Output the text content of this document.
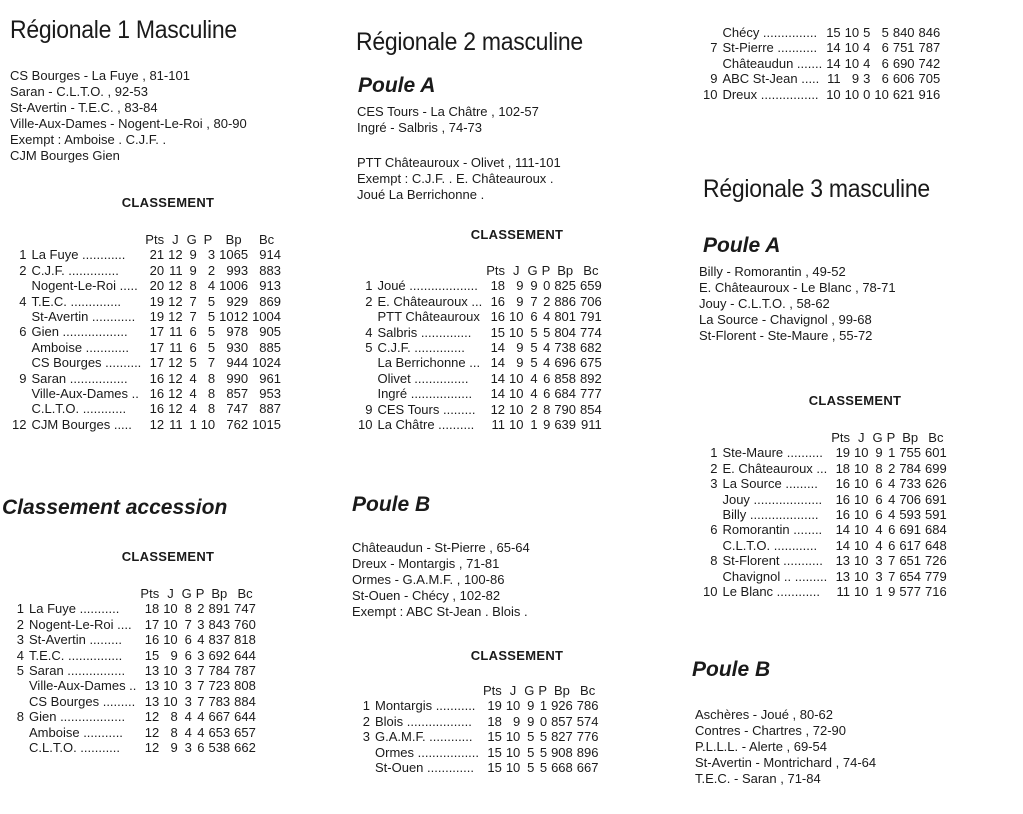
Régionale 1 Masculine
CS Bourges - La Fuye , 81-101
Saran - C.L.T.O. , 92-53
St-Avertin - T.E.C. , 83-84
Ville-Aux-Dames - Nogent-Le-Roi , 80-90
Exempt : Amboise . C.J.F. .
CJM Bourges Gien
CLASSEMENT
		Pts	J	G	P	Bp	Bc
1	La Fuye ............	21	12	9	3	1065	914
2	C.J.F. ..............	20	11	9	2	993	883
	Nogent-Le-Roi .....	20	12	8	4	1006	913
4	T.E.C. ..............	19	12	7	5	929	869
	St-Avertin ............	19	12	7	5	1012	1004
6	Gien ..................	17	11	6	5	978	905
	Amboise ............	17	11	6	5	930	885
	CS Bourges ..........	17	12	5	7	944	1024
9	Saran ................	16	12	4	8	990	961
	Ville-Aux-Dames ..	16	12	4	8	857	953
	C.L.T.O. ............	16	12	4	8	747	887
12	CJM Bourges .....	12	11	1	10	762	1015
Classement accession
CLASSEMENT
		Pts	J	G	P	Bp	Bc
1	La Fuye ...........	18	10	8	2	891	747
2	Nogent-Le-Roi ....	17	10	7	3	843	760
3	St-Avertin .........	16	10	6	4	837	818
4	T.E.C. ...............	15	9	6	3	692	644
5	Saran ................	13	10	3	7	784	787
	Ville-Aux-Dames ..	13	10	3	7	723	808
	CS Bourges .........	13	10	3	7	783	884
8	Gien ..................	12	8	4	4	667	644
	Amboise ...........	12	8	4	4	653	657
	C.L.T.O. ...........	12	9	3	6	538	662
Régionale 2 masculine
Poule A
CES Tours - La Châtre , 102-57
Ingré - Salbris , 74-73
PTT Châteauroux - Olivet , 111-101
Exempt : C.J.F. . E. Châteauroux .
Joué La Berrichonne .
CLASSEMENT
		Pts	J	G	P	Bp	Bc
1	Joué ...................	18	9	9	0	825	659
2	E. Châteauroux ...	16	9	7	2	886	706
	PTT Châteauroux	16	10	6	4	801	791
4	Salbris ..............	15	10	5	5	804	774
5	C.J.F. ..............	14	9	5	4	738	682
	La Berrichonne ...	14	9	5	4	696	675
	Olivet ...............	14	10	4	6	858	892
	Ingré .................	14	10	4	6	684	777
9	CES Tours .........	12	10	2	8	790	854
10	La Châtre ..........	11	10	1	9	639	911
Poule B
Châteaudun - St-Pierre , 65-64
Dreux - Montargis , 71-81
Ormes - G.A.M.F. , 100-86
St-Ouen - Chécy , 102-82
Exempt : ABC St-Jean . Blois .
CLASSEMENT
		Pts	J	G	P	Bp	Bc
1	Montargis ...........	19	10	9	1	926	786
2	Blois ..................	18	9	9	0	857	574
3	G.A.M.F. ............	15	10	5	5	827	776
	Ormes .................	15	10	5	5	908	896
	St-Ouen .............	15	10	5	5	668	667
	Chécy ...............	15	10	5	5	840	846
7	St-Pierre ...........	14	10	4	6	751	787
	Châteaudun .......	14	10	4	6	690	742
9	ABC St-Jean .....	11	9	3	6	606	705
10	Dreux ................	10	10	0	10	621	916
Régionale 3 masculine
Poule A
Billy - Romorantin , 49-52
E. Châteauroux - Le Blanc , 78-71
Jouy - C.L.T.O. , 58-62
La Source - Chavignol , 99-68
St-Florent - Ste-Maure , 55-72
CLASSEMENT
		Pts	J	G	P	Bp	Bc
1	Ste-Maure ..........	19	10	9	1	755	601
2	E. Châteauroux ...	18	10	8	2	784	699
3	La Source .........	16	10	6	4	733	626
	Jouy ...................	16	10	6	4	706	691
	Billy ...................	16	10	6	4	593	591
6	Romorantin ........	14	10	4	6	691	684
	C.L.T.O. ............	14	10	4	6	617	648
8	St-Florent ...........	13	10	3	7	651	726
	Chavignol .. .........	13	10	3	7	654	779
10	Le Blanc ............	11	10	1	9	577	716
Poule B
Aschères - Joué , 80-62
Contres - Chartres , 72-90
P.L.L.L. - Alerte , 69-54
St-Avertin - Montrichard , 74-64
T.E.C. - Saran , 71-84
